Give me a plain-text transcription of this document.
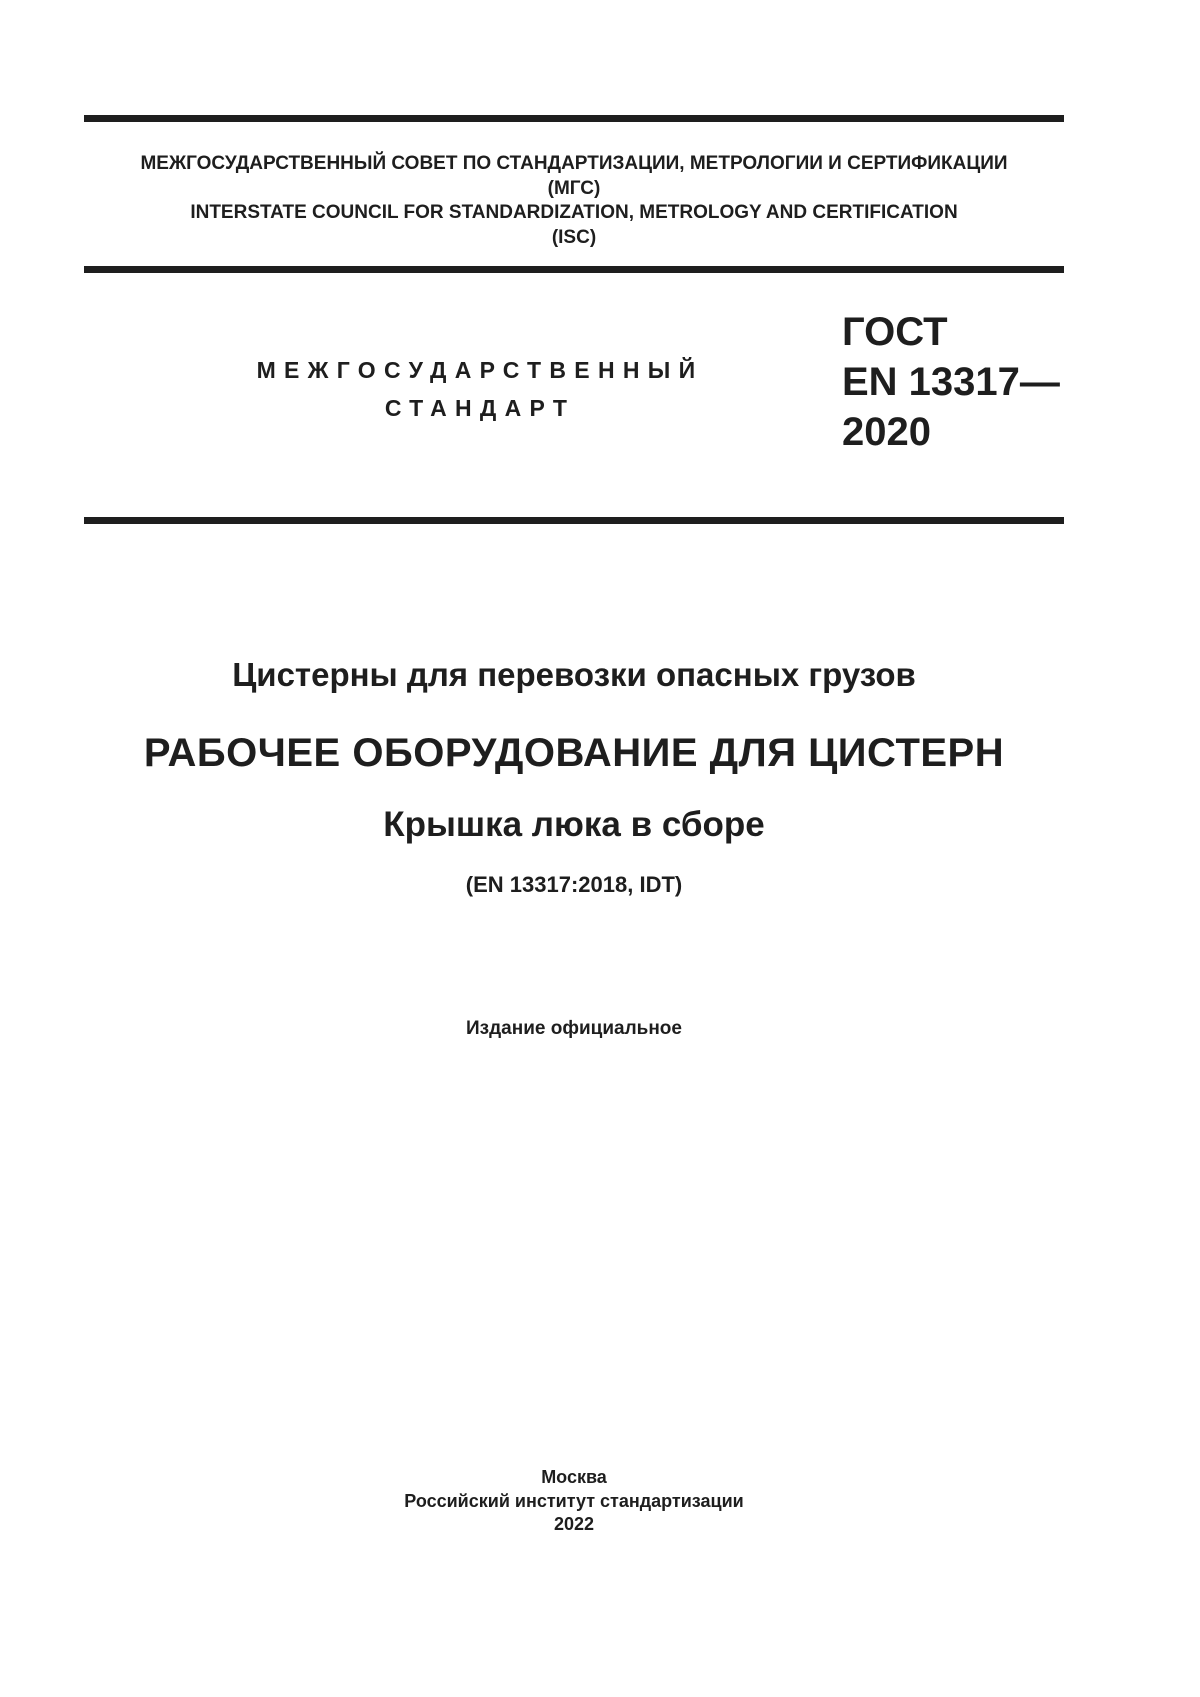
МЕЖГОСУДАРСТВЕННЫЙ СОВЕТ ПО СТАНДАРТИЗАЦИИ, МЕТРОЛОГИИ И СЕРТИФИКАЦИИ
(МГС)
INTERSTATE COUNCIL FOR STANDARDIZATION, METROLOGY AND CERTIFICATION
(ISC)
МЕЖГОСУДАРСТВЕННЫЙ
СТАНДАРТ
ГОСТ
EN 13317—
2020
Цистерны для перевозки опасных грузов
РАБОЧЕЕ ОБОРУДОВАНИЕ ДЛЯ ЦИСТЕРН
Крышка люка в сборе
(EN 13317:2018, IDT)
Издание официальное
Москва
Российский институт стандартизации
2022
